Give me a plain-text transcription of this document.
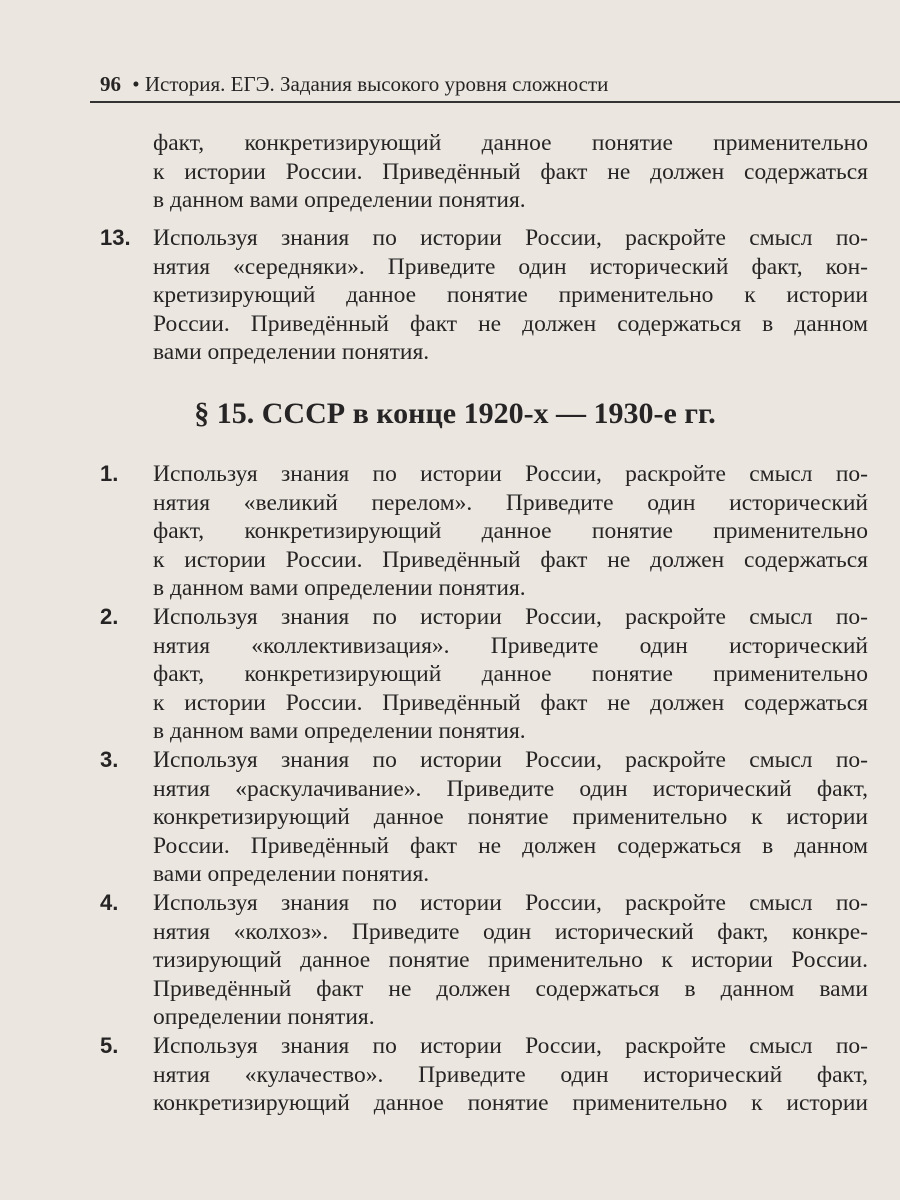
96 • История. ЕГЭ. Задания высокого уровня сложности
факт, конкретизирующий данное понятие применительно
к истории России. Приведённый факт не должен содержаться
в данном вами определении понятия.
§ 15. СССР в конце 1920-х — 1930-е гг.
13. Используя знания по истории России, раскройте смысл по-
нятия «середняки». Приведите один исторический факт, кон-
кретизирующий данное понятие применительно к истории
России. Приведённый факт не должен содержаться в данном
вами определении понятия.
1. Используя знания по истории России, раскройте смысл по-
нятия «великий перелом». Приведите один исторический
факт, конкретизирующий данное понятие применительно
к истории России. Приведённый факт не должен содержаться
в данном вами определении понятия.
2. Используя знания по истории России, раскройте смысл по-
нятия «коллективизация». Приведите один исторический
факт, конкретизирующий данное понятие применительно
к истории России. Приведённый факт не должен содержаться
в данном вами определении понятия.
3. Используя знания по истории России, раскройте смысл по-
нятия «раскулачивание». Приведите один исторический факт,
конкретизирующий данное понятие применительно к истории
России. Приведённый факт не должен содержаться в данном
вами определении понятия.
4. Используя знания по истории России, раскройте смысл по-
нятия «колхоз». Приведите один исторический факт, конкре-
тизирующий данное понятие применительно к истории России.
Приведённый факт не должен содержаться в данном вами
определении понятия.
5. Используя знания по истории России, раскройте смысл по-
нятия «кулачество». Приведите один исторический факт,
конкретизирующий данное понятие применительно к истории
